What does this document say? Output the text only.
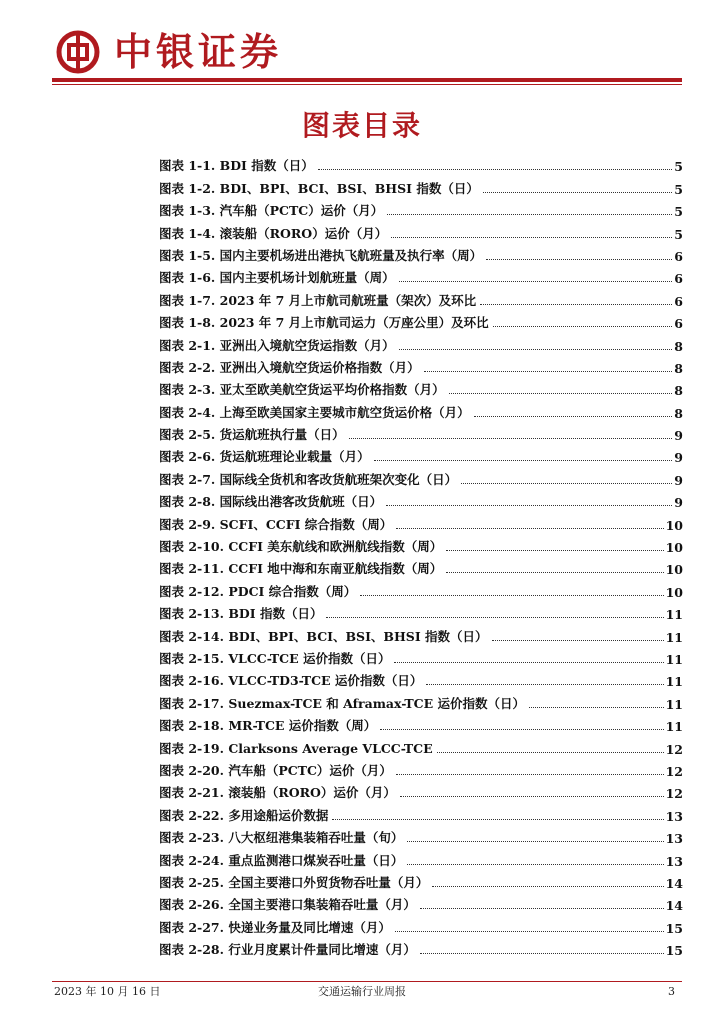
中银证券
图表目录
图表 1-1. BDI 指数（日）	5
图表 1-2. BDI、BPI、BCI、BSI、BHSI 指数（日）	5
图表 1-3. 汽车船（PCTC）运价（月）	5
图表 1-4. 滚装船（RORO）运价（月）	5
图表 1-5. 国内主要机场进出港执飞航班量及执行率（周）	6
图表 1-6. 国内主要机场计划航班量（周）	6
图表 1-7. 2023 年 7 月上市航司航班量（架次）及环比	6
图表 1-8. 2023 年 7 月上市航司运力（万座公里）及环比	6
图表 2-1. 亚洲出入境航空货运指数（月）	8
图表 2-2. 亚洲出入境航空货运价格指数（月）	8
图表 2-3. 亚太至欧美航空货运平均价格指数（月）	8
图表 2-4. 上海至欧美国家主要城市航空货运价格（月）	8
图表 2-5. 货运航班执行量（日）	9
图表 2-6. 货运航班理论业载量（月）	9
图表 2-7. 国际线全货机和客改货航班架次变化（日）	9
图表 2-8. 国际线出港客改货航班（日）	9
图表 2-9. SCFI、CCFI 综合指数（周）	10
图表 2-10. CCFI 美东航线和欧洲航线指数（周）	10
图表 2-11. CCFI 地中海和东南亚航线指数（周）	10
图表 2-12. PDCI 综合指数（周）	10
图表 2-13. BDI 指数（日）	11
图表 2-14. BDI、BPI、BCI、BSI、BHSI 指数（日）	11
图表 2-15. VLCC-TCE 运价指数（日）	11
图表 2-16. VLCC-TD3-TCE 运价指数（日）	11
图表 2-17. Suezmax-TCE 和 Aframax-TCE 运价指数（日）	11
图表 2-18. MR-TCE 运价指数（周）	11
图表 2-19. Clarksons Average VLCC-TCE	12
图表 2-20. 汽车船（PCTC）运价（月）	12
图表 2-21. 滚装船（RORO）运价（月）	12
图表 2-22. 多用途船运价数据	13
图表 2-23. 八大枢纽港集装箱吞吐量（旬）	13
图表 2-24. 重点监测港口煤炭吞吐量（日）	13
图表 2-25. 全国主要港口外贸货物吞吐量（月）	14
图表 2-26. 全国主要港口集装箱吞吐量（月）	14
图表 2-27. 快递业务量及同比增速（月）	15
图表 2-28. 行业月度累计件量同比增速（月）	15
2023 年 10 月 16 日	交通运输行业周报	3
